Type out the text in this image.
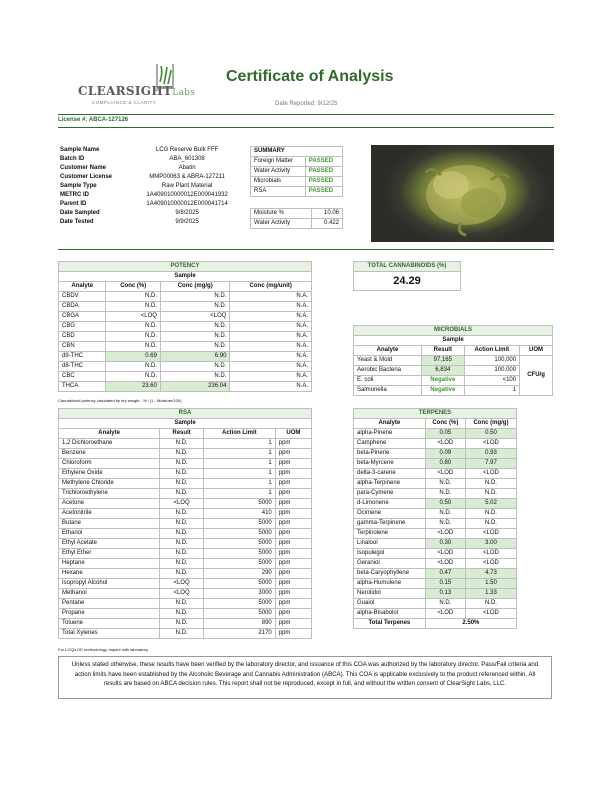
CLEARSIGHTLabs
COMPLIANCE & CLARITY
Certificate of Analysis
Date Reported: 9/12/25
License #: ABCA-127126
Sample Name	LCG Reserve Bulk FFF
Batch ID	ABA_601308
Customer Name	Abatin
Customer License	MMP00063 & ABRA-127211
Sample Type	Raw Plant Material
METRC ID	1A409010000012E000041932
Parent ID	1A409010000012E000041714
Date Sampled	9/8/2025
Date Tested	9/9/2025
SUMMARY	
Foreign Matter	PASSED
Water Activity	PASSED
Microbials	PASSED
RSA	PASSED
Moisture %	10.06
Water Activity	0.422
POTENCY			
Sample			
Analyte	Conc (%)	Conc (mg/g)	Conc (mg/unit)
CBDV	N.D.	N.D.	N.A.
CBDA	N.D.	N.D.	N.A.
CBGA	<LOQ	<LOQ	N.A.
CBG	N.D.	N.D.	N.A.
CBD	N.D.	N.D.	N.A.
CBN	N.D.	N.D.	N.A.
d9-THC	0.69	6.90	N.A.
d8-THC	N.D.	N.D.	N.A.
CBC	N.D.	N.D.	N.A.
THCA	23.60	236.04	N.A.
Cannabinoid potency calculated by dry weight - % / (1 - Moisture/100)
TOTAL CANNABINOIDS (%)
24.29
MICROBIALS			
Sample			
Analyte	Result	Action Limit	UOM
Yeast & Mold	97,165	100,000	CFU/g
Aerobic Bacteria	6,834	100,000	
E. coli	Negative	<100	
Salmonella	Negative	1	
RSA			
Sample			
Analyte	Result	Action Limit	UOM
1,2 Dichloroethane	N.D.	1	ppm
Benzene	N.D.	1	ppm
Chloroform	N.D.	1	ppm
Ethylene Oxide	N.D.	1	ppm
Methylene Chloride	N.D.	1	ppm
Trichloroethylene	N.D.	1	ppm
Acetone	<LOQ	5000	ppm
Acetonitrile	N.D.	410	ppm
Butane	N.D.	5000	ppm
Ethanol	N.D.	5000	ppm
Ethyl Acetate	N.D.	5000	ppm
Ethyl Ether	N.D.	5000	ppm
Heptane	N.D.	5000	ppm
Hexane	N.D.	290	ppm
Isopropyl Alcohol	<LOQ	5000	ppm
Methanol	<LOQ	3000	ppm
Pentane	N.D.	5000	ppm
Propane	N.D.	5000	ppm
Toluene	N.D.	890	ppm
Total Xylenes	N.D.	2170	ppm
For LOQ/LOD methodology, inquire with laboratory
TERPENES		
Analyte	Conc (%)	Conc (mg/g)
alpha-Pinene	0.05	0.50
Camphene	<LOD	<LOD
beta-Pinene	0.09	0.93
beta-Myrcene	0.80	7.97
delta-3-carene	<LOD	<LOD
alpha-Terpinene	N.D.	N.D.
para-Cymene	N.D.	N.D.
d-Limonene	0.50	5.02
Ocimene	N.D.	N.D.
gamma-Terpinene	N.D.	N.D.
Terpinolene	<LOD	<LOD
Linalool	0.30	3.00
Isopulegol	<LOD	<LOD
Geraniol	<LOD	<LOD
beta-Caryophyllene	0.47	4.73
alpha-Humulene	0.15	1.50
Nerolidol	0.13	1.33
Guaiol	N.D.	N.D.
alpha-Bisabolol	<LOD	<LOD
Total Terpenes	2.50%	
Unless stated otherwise, these results have been verified by the laboratory director, and issuance of this COA was authorized by the laboratory director. Pass/Fail criteria and action limits have been established by the Alcoholic Beverage and Cannabis Administration (ABCA). This COA is applicable exclusively to the product referenced within. All results are based on ABCA decision rules. This report shall not be reproduced, except in full, and without the written consent of ClearSight Labs, LLC.
